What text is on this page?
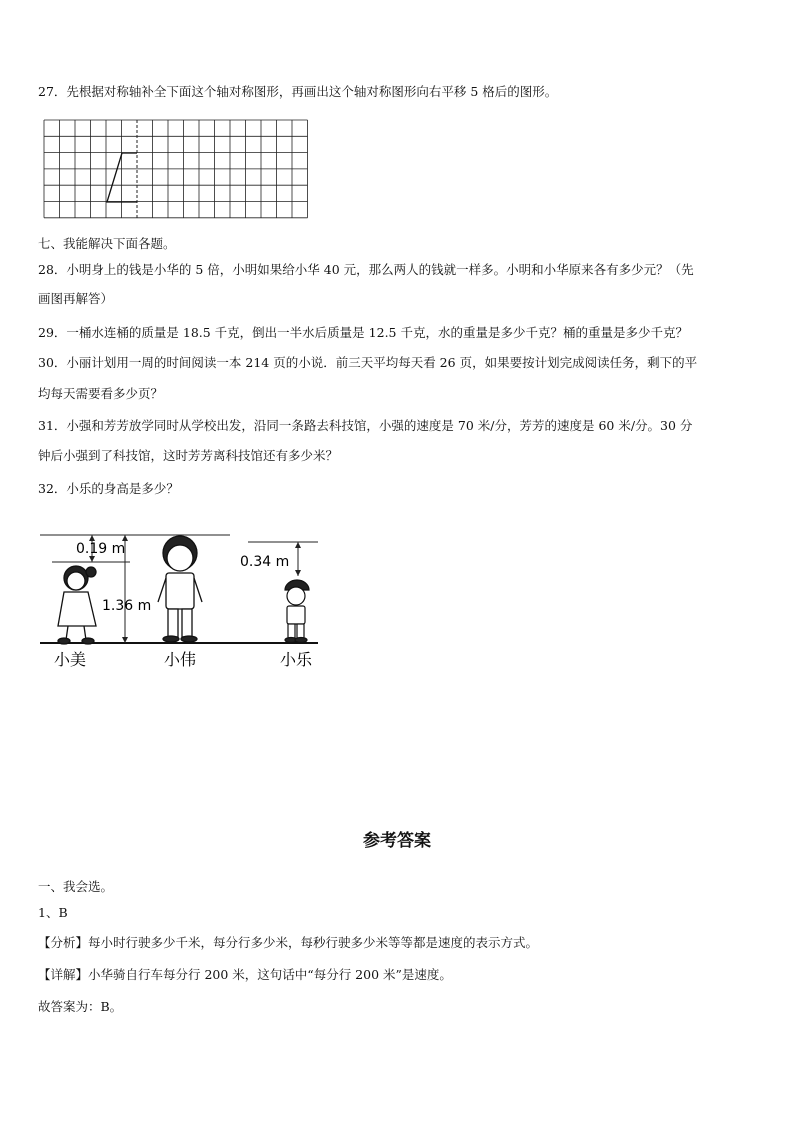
27．先根据对称轴补全下面这个轴对称图形，再画出这个轴对称图形向右平移 5 格后的图形。
七、我能解决下面各题。
28．小明身上的钱是小华的 5 倍，小明如果给小华 40 元，那么两人的钱就一样多。小明和小华原来各有多少元？（先
画图再解答）
29．一桶水连桶的质量是 18.5 千克，倒出一半水后质量是 12.5 千克，水的重量是多少千克？桶的重量是多少千克？
30．小丽计划用一周的时间阅读一本 214 页的小说．前三天平均每天看 26 页，如果要按计划完成阅读任务，剩下的平
均每天需要看多少页？
31．小强和芳芳放学同时从学校出发，沿同一条路去科技馆，小强的速度是 70 米/分，芳芳的速度是 60 米/分。30 分
钟后小强到了科技馆，这时芳芳离科技馆还有多少米？
32．小乐的身高是多少？
0.19 m
1.36 m
0.34 m
小美	小伟	小乐
参考答案
一、我会选。
1、B
【分析】每小时行驶多少千米，每分行多少米，每秒行驶多少米等等都是速度的表示方式。
【详解】小华骑自行车每分行 200 米，这句话中“每分行 200 米”是速度。
故答案为：B。
